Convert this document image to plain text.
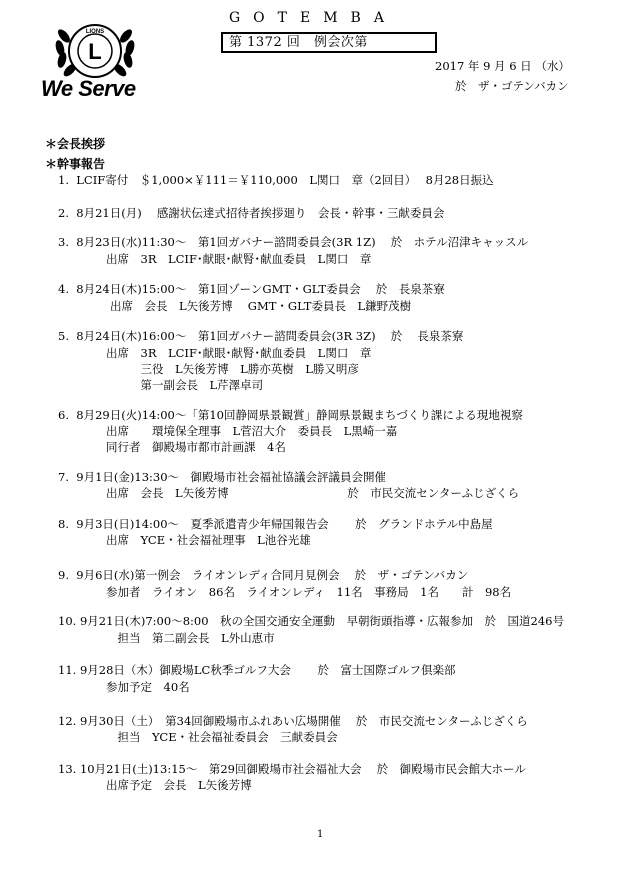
LIONS
L
We Serve
GOTEMBA
第 1372 回　例会次第
2017 年 9 月 6 日 （水）
於　ザ・ゴテンバカン
＊会長挨拶
＊幹事報告
1.  LCIF寄付　＄1,000×￥111＝￥110,000　L関口　章（2回目）　 8月28日振込
2.  8月21日(月)　 感謝状伝達式招待者挨拶廻り　会長・幹事・三献委員会
3.  8月23日(水)11:30～　第1回ガバナー諮問委員会(3R 1Z)　 於　ホテル沼津キャッスル
出席　3R　LCIF･献眼･献腎･献血委員　L関口　章
4.  8月24日(木)15:00～　第1回ゾーンGMT・GLT委員会　 於　長泉茶寮
出席　会長　L矢後芳博　 GMT・GLT委員長　L鎌野茂樹
5.  8月24日(木)16:00～　第1回ガバナー諮問委員会(3R 3Z)　 於　 長泉茶寮
出席　3R　LCIF･献眼･献腎･献血委員　L関口　章
　　　三役　L矢後芳博　L勝亦英樹　L勝又明彦
　　　第一副会長　L芹澤卓司
6.  8月29日(火)14:00～「第10回静岡県景観賞」静岡県景観まちづくり課による現地視察
出席　　環境保全理事　L菅沼大介　委員長　L黒崎一嘉
同行者　御殿場市都市計画課　4名
7.  9月1日(金)13:30～　御殿場市社会福祉協議会評議員会開催
出席　会長　L矢後芳博　　　　　　　　　　 於　市民交流センターふじざくら
8.  9月3日(日)14:00～　夏季派遣青少年帰国報告会　　 於　グランドホテル中島屋
出席　YCE・社会福祉理事　L池谷光雄
9.  9月6日(水)第一例会　ライオンレディ合同月見例会　 於　ザ・ゴテンバカン
参加者　ライオン　86名　ライオンレディ　11名　事務局　1名　　計　98名
10. 9月21日(木)7:00～8:00　秋の全国交通安全運動　早朝街頭指導・広報参加　於　国道246号
　担当　第二副会長　L外山恵市
11. 9月28日（木）御殿場LC秋季ゴルフ大会　　 於　富士国際ゴルフ倶楽部
参加予定　40名
12. 9月30日（土）　第34回御殿場市ふれあい広場開催　 於　市民交流センターふじざくら
　担当　YCE・社会福祉委員会　三献委員会
13. 10月21日(土)13:15～　第29回御殿場市社会福祉大会　 於　御殿場市民会館大ホール
出席予定　会長　L矢後芳博
1
